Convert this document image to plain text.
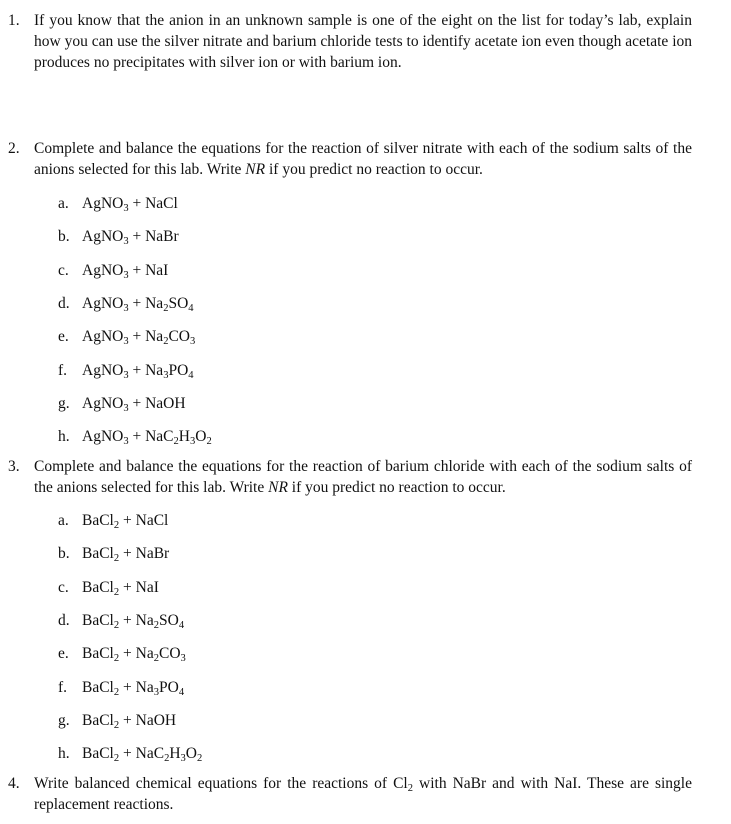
1. If you know that the anion in an unknown sample is one of the eight on the list for today’s lab, explain how you can use the silver nitrate and barium chloride tests to identify acetate ion even though acetate ion produces no precipitates with silver ion or with barium ion.
2. Complete and balance the equations for the reaction of silver nitrate with each of the sodium salts of the anions selected for this lab. Write NR if you predict no reaction to occur.
a. AgNO$_3$ + NaCl
b. AgNO$_3$ + NaBr
c. AgNO$_3$ + NaI
d. AgNO$_3$ + $Na_2SO_4$
e. AgNO$_3$ + $Na_2CO_3$
f. AgNO$_3$ + $Na_3PO_4$
g. AgNO$_3$ + NaOH
h. AgNO$_3$ + $NaC_2H_3O_2$
3. Complete and balance the equations for the reaction of barium chloride with each of the sodium salts of the anions selected for this lab. Write NR if you predict no reaction to occur.
a. BaCl$_2$ + NaCl
b. BaCl$_2$ + NaBr
c. BaCl$_2$ + NaI
d. BaCl$_2$ + $Na_2SO_4$
e. BaCl$_2$ + $Na_2CO_3$
f. BaCl$_2$ + $Na_3PO_4$
g. BaCl$_2$ + NaOH
h. BaCl$_2$ + $NaC_2H_3O_2$
4. Write balanced chemical equations for the reactions of $Cl_2$ with NaBr and with NaI. These are single replacement reactions.
